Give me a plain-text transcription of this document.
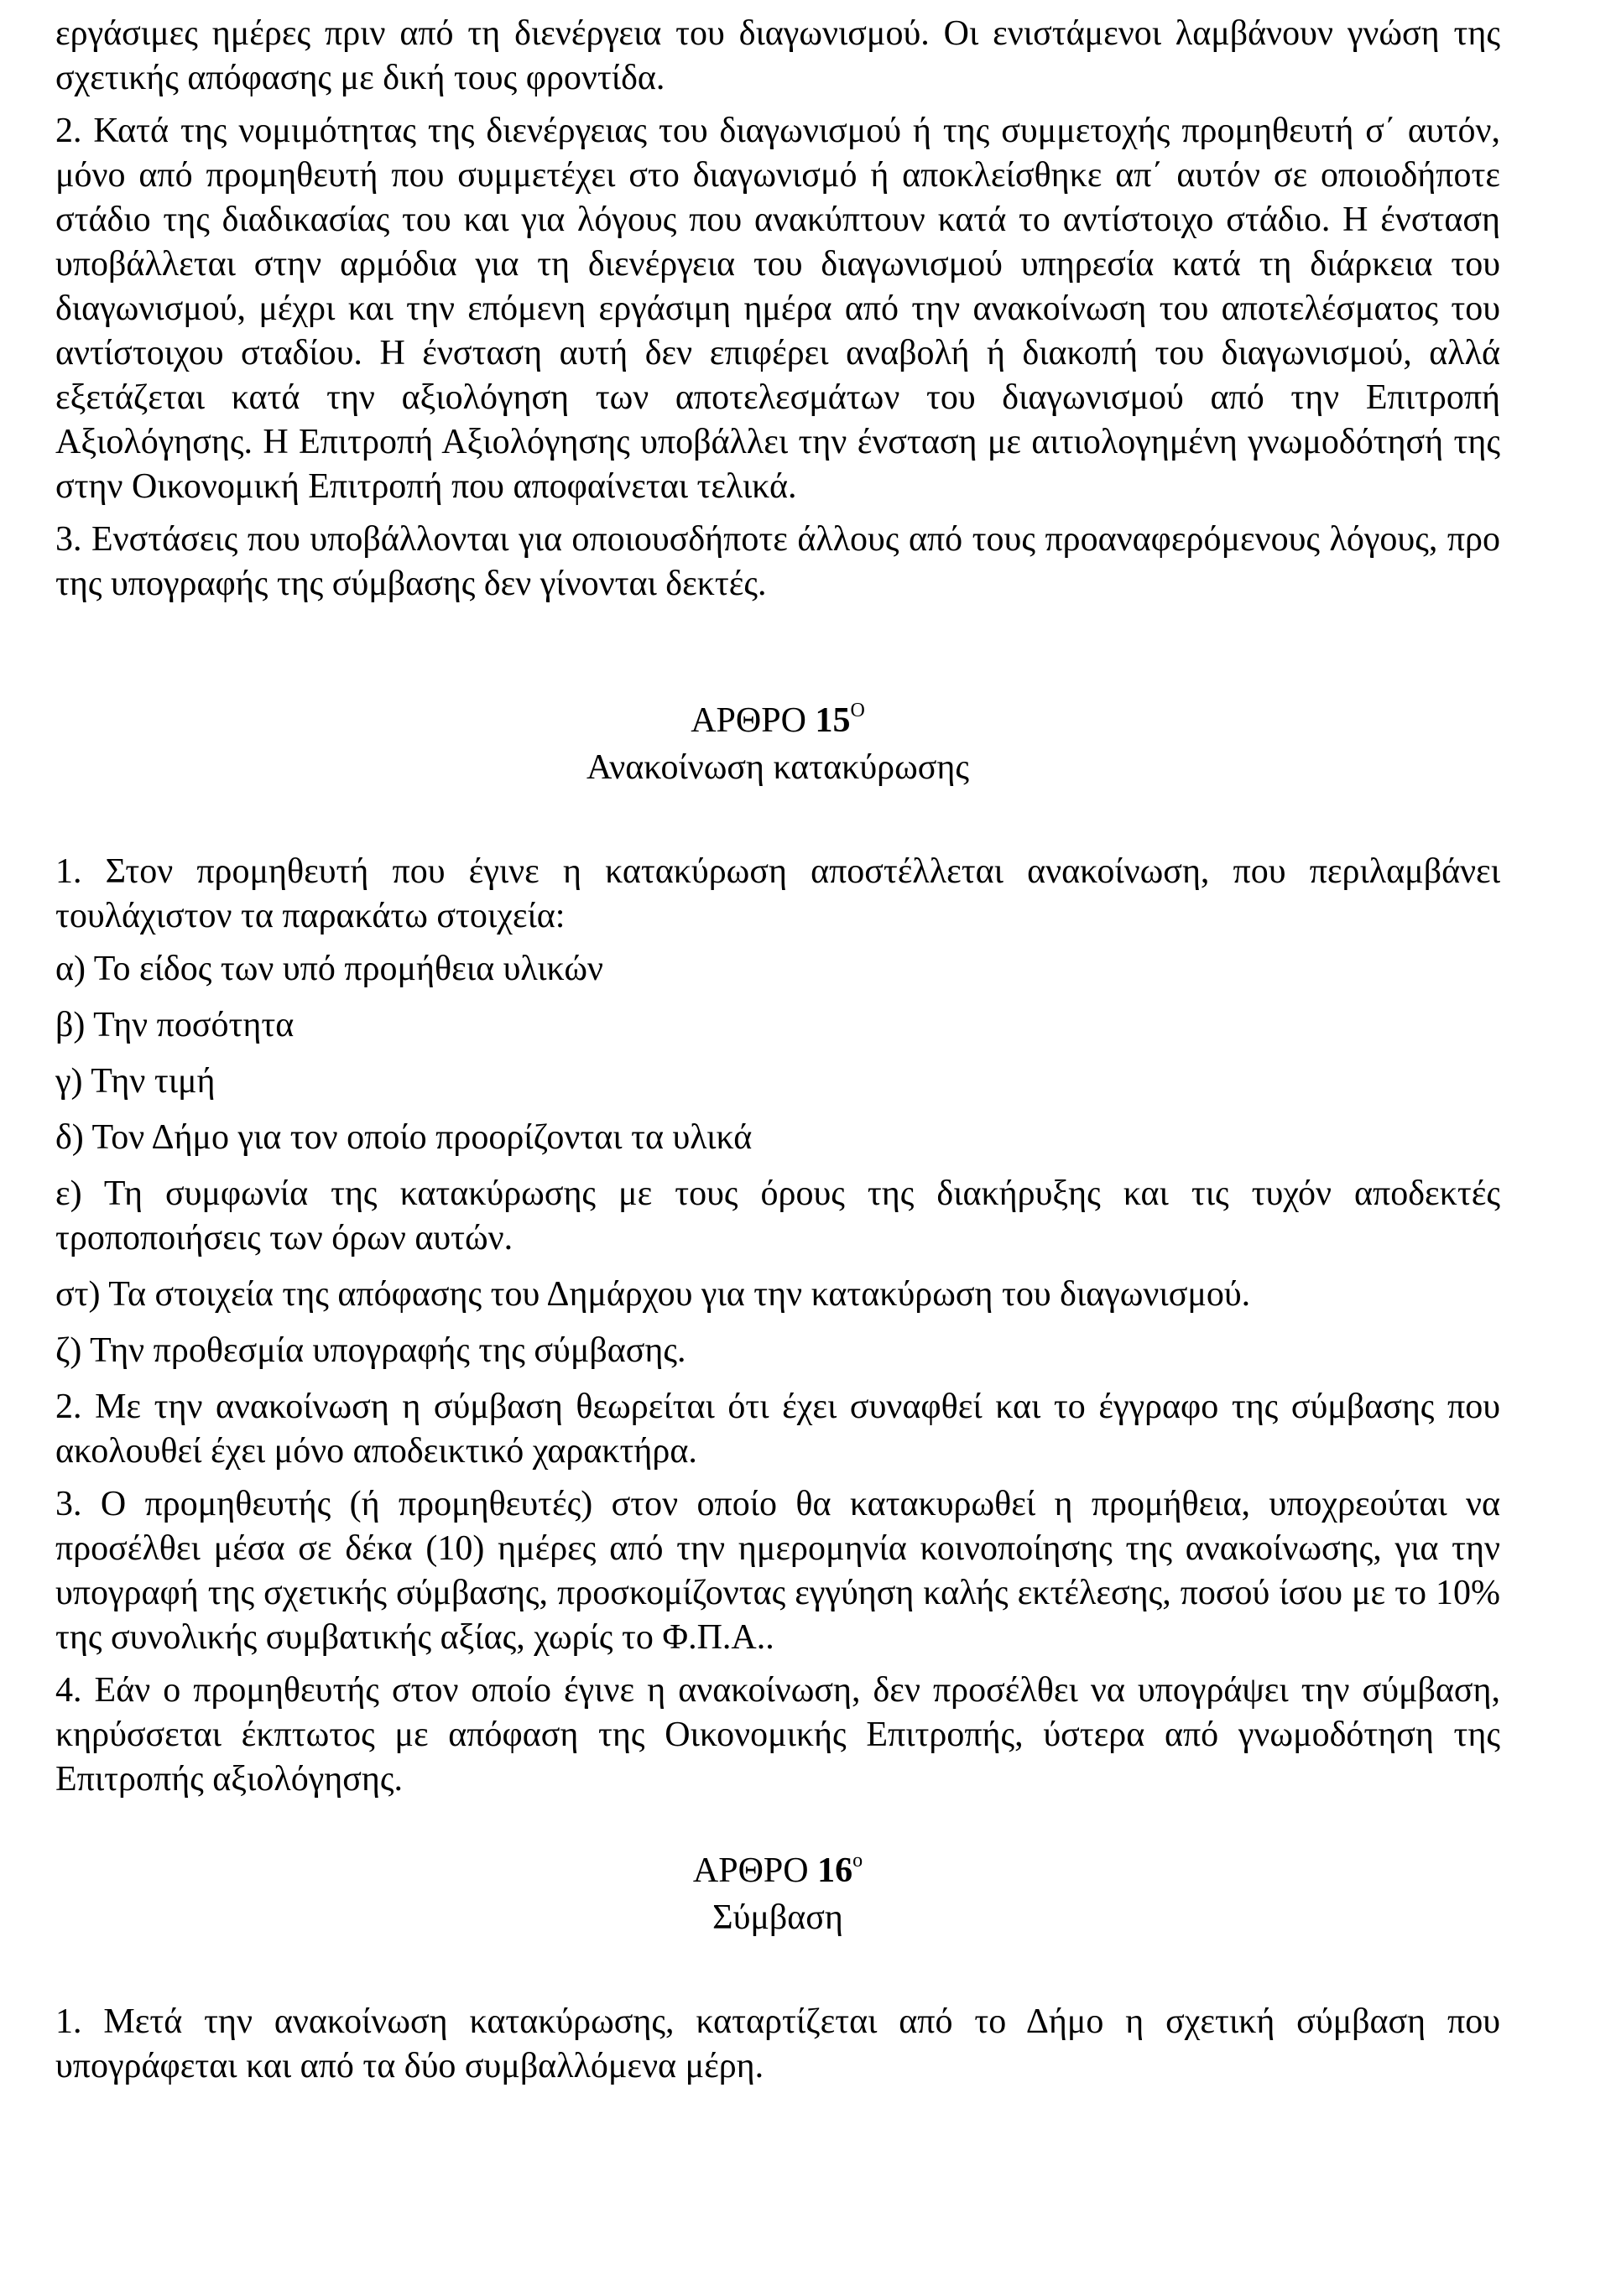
εργάσιμες ημέρες πριν από τη διενέργεια του διαγωνισμού. Οι ενιστάμενοι λαμβάνουν γνώση της σχετικής απόφασης με δική τους φροντίδα.

2. Κατά της νομιμότητας της διενέργειας του διαγωνισμού ή της συμμετοχής προμηθευτή σ΄ αυτόν, μόνο από προμηθευτή που συμμετέχει στο διαγωνισμό ή αποκλείσθηκε απ΄ αυτόν σε οποιοδήποτε στάδιο της διαδικασίας του και για λόγους που ανακύπτουν κατά το αντίστοιχο στάδιο. Η ένσταση υποβάλλεται στην αρμόδια για τη διενέργεια του διαγωνισμού υπηρεσία κατά τη διάρκεια του διαγωνισμού, μέχρι και την επόμενη εργάσιμη ημέρα από την ανακοίνωση του αποτελέσματος του αντίστοιχου σταδίου. Η ένσταση αυτή δεν επιφέρει αναβολή ή διακοπή του διαγωνισμού, αλλά εξετάζεται κατά την αξιολόγηση των αποτελεσμάτων του διαγωνισμού από την Επιτροπή Αξιολόγησης. Η Επιτροπή Αξιολόγησης υποβάλλει την ένσταση με αιτιολογημένη γνωμοδότησή της στην Οικονομική Επιτροπή που αποφαίνεται τελικά.

3. Ενστάσεις που υποβάλλονται για οποιουσδήποτε άλλους από τους προαναφερόμενους λόγους, προ της υπογραφής της σύμβασης δεν γίνονται δεκτές.

ΑΡΘΡΟ $15^O$
Ανακοίνωση κατακύρωσης

1. Στον προμηθευτή που έγινε η κατακύρωση αποστέλλεται ανακοίνωση, που περιλαμβάνει τουλάχιστον τα παρακάτω στοιχεία:

α) Το είδος των υπό προμήθεια υλικών

β) Την ποσότητα

γ) Την τιμή

δ) Τον Δήμο για τον οποίο προορίζονται τα υλικά

ε) Τη συμφωνία της κατακύρωσης με τους όρους της διακήρυξης και τις τυχόν αποδεκτές τροποποιήσεις των όρων αυτών.

στ) Τα στοιχεία της απόφασης του Δημάρχου για την κατακύρωση του διαγωνισμού.

ζ) Την προθεσμία υπογραφής της σύμβασης.

2. Με την ανακοίνωση η σύμβαση θεωρείται ότι έχει συναφθεί και το έγγραφο της σύμβασης που ακολουθεί έχει μόνο αποδεικτικό χαρακτήρα.

3. Ο προμηθευτής (ή προμηθευτές) στον οποίο θα κατακυρωθεί η προμήθεια, υποχρεούται να προσέλθει μέσα σε δέκα (10) ημέρες από την ημερομηνία κοινοποίησης της ανακοίνωσης, για την υπογραφή της σχετικής σύμβασης, προσκομίζοντας εγγύηση καλής εκτέλεσης, ποσού ίσου με το 10% της συνολικής συμβατικής αξίας, χωρίς το Φ.Π.Α..

4. Εάν ο προμηθευτής στον οποίο έγινε η ανακοίνωση, δεν προσέλθει να υπογράψει την σύμβαση, κηρύσσεται έκπτωτος με απόφαση της Οικονομικής Επιτροπής, ύστερα από γνωμοδότηση της Επιτροπής αξιολόγησης.

ΑΡΘΡΟ $16^o$
Σύμβαση

1. Μετά την ανακοίνωση κατακύρωσης, καταρτίζεται από το Δήμο η σχετική σύμβαση που υπογράφεται και από τα δύο συμβαλλόμενα μέρη.
